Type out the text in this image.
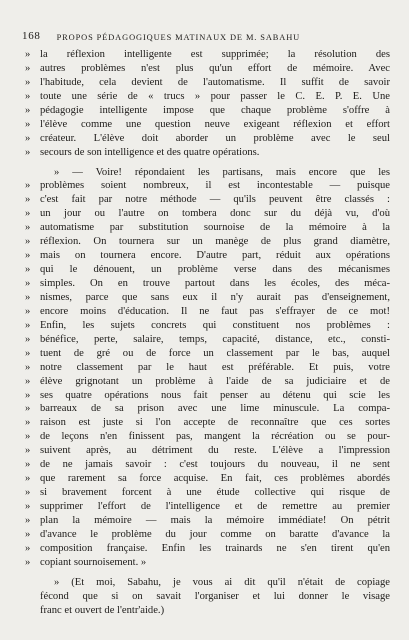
168 PROPOS PÉDAGOGIQUES MATINAUX DE M. SABAHU
» la réflexion intelligente est supprimée; la résolution des
» autres problèmes n'est plus qu'un effort de mémoire. Avec
» l'habitude, cela devient de l'automatisme. Il suffit de savoir
» toute une série de « trucs » pour passer le C. E. P. E. Une
» pédagogie intelligente impose que chaque problème s'offre à
» l'élève comme une question neuve exigeant réflexion et effort
» créateur. L'élève doit aborder un problème avec le seul
» secours de son intelligence et des quatre opérations.
» — Voire! répondaient les partisans, mais encore que les
» problèmes soient nombreux, il est incontestable — puisque
» c'est fait par notre méthode — qu'ils peuvent être classés :
» un jour ou l'autre on tombera donc sur du déjà vu, d'où
» automatisme par substitution sournoise de la mémoire à la
» réflexion. On tournera sur un manège de plus grand diamètre,
» mais on tournera encore. D'autre part, réduit aux opérations
» qui le dénouent, un problème verse dans des mécanismes
» simples. On en trouve partout dans les écoles, des méca-
» nismes, parce que sans eux il n'y aurait pas d'enseignement,
» encore moins d'éducation. Il ne faut pas s'effrayer de ce mot!
» Enfin, les sujets concrets qui constituent nos problèmes :
» bénéfice, perte, salaire, temps, capacité, distance, etc., consti-
» tuent de gré ou de force un classement par le bas, auquel
» notre classement par le haut est préférable. Et puis, votre
» élève grignotant un problème à l'aide de sa judiciaire et de
» ses quatre opérations nous fait penser au détenu qui scie les
» barreaux de sa prison avec une lime minuscule. La compa-
» raison est juste si l'on accepte de reconnaître que ces sortes
» de leçons n'en finissent pas, mangent la récréation ou se pour-
» suivent après, au détriment du reste. L'élève a l'impression
» de ne jamais savoir : c'est toujours du nouveau, il ne sent
» que rarement sa force acquise. En fait, ces problèmes abordés
» si bravement forcent à une étude collective qui risque de
» supprimer l'effort de l'intelligence et de remettre au premier
» plan la mémoire — mais la mémoire immédiate! On pétrit
» d'avance le problème du jour comme on baratte d'avance la
» composition française. Enfin les trainards ne s'en tirent qu'en
» copiant sournoisement. »
» (Et moi, Sabahu, je vous ai dit qu'il n'était de copiage
fécond que si on savait l'organiser et lui donner le visage
franc et ouvert de l'entr'aide.)
